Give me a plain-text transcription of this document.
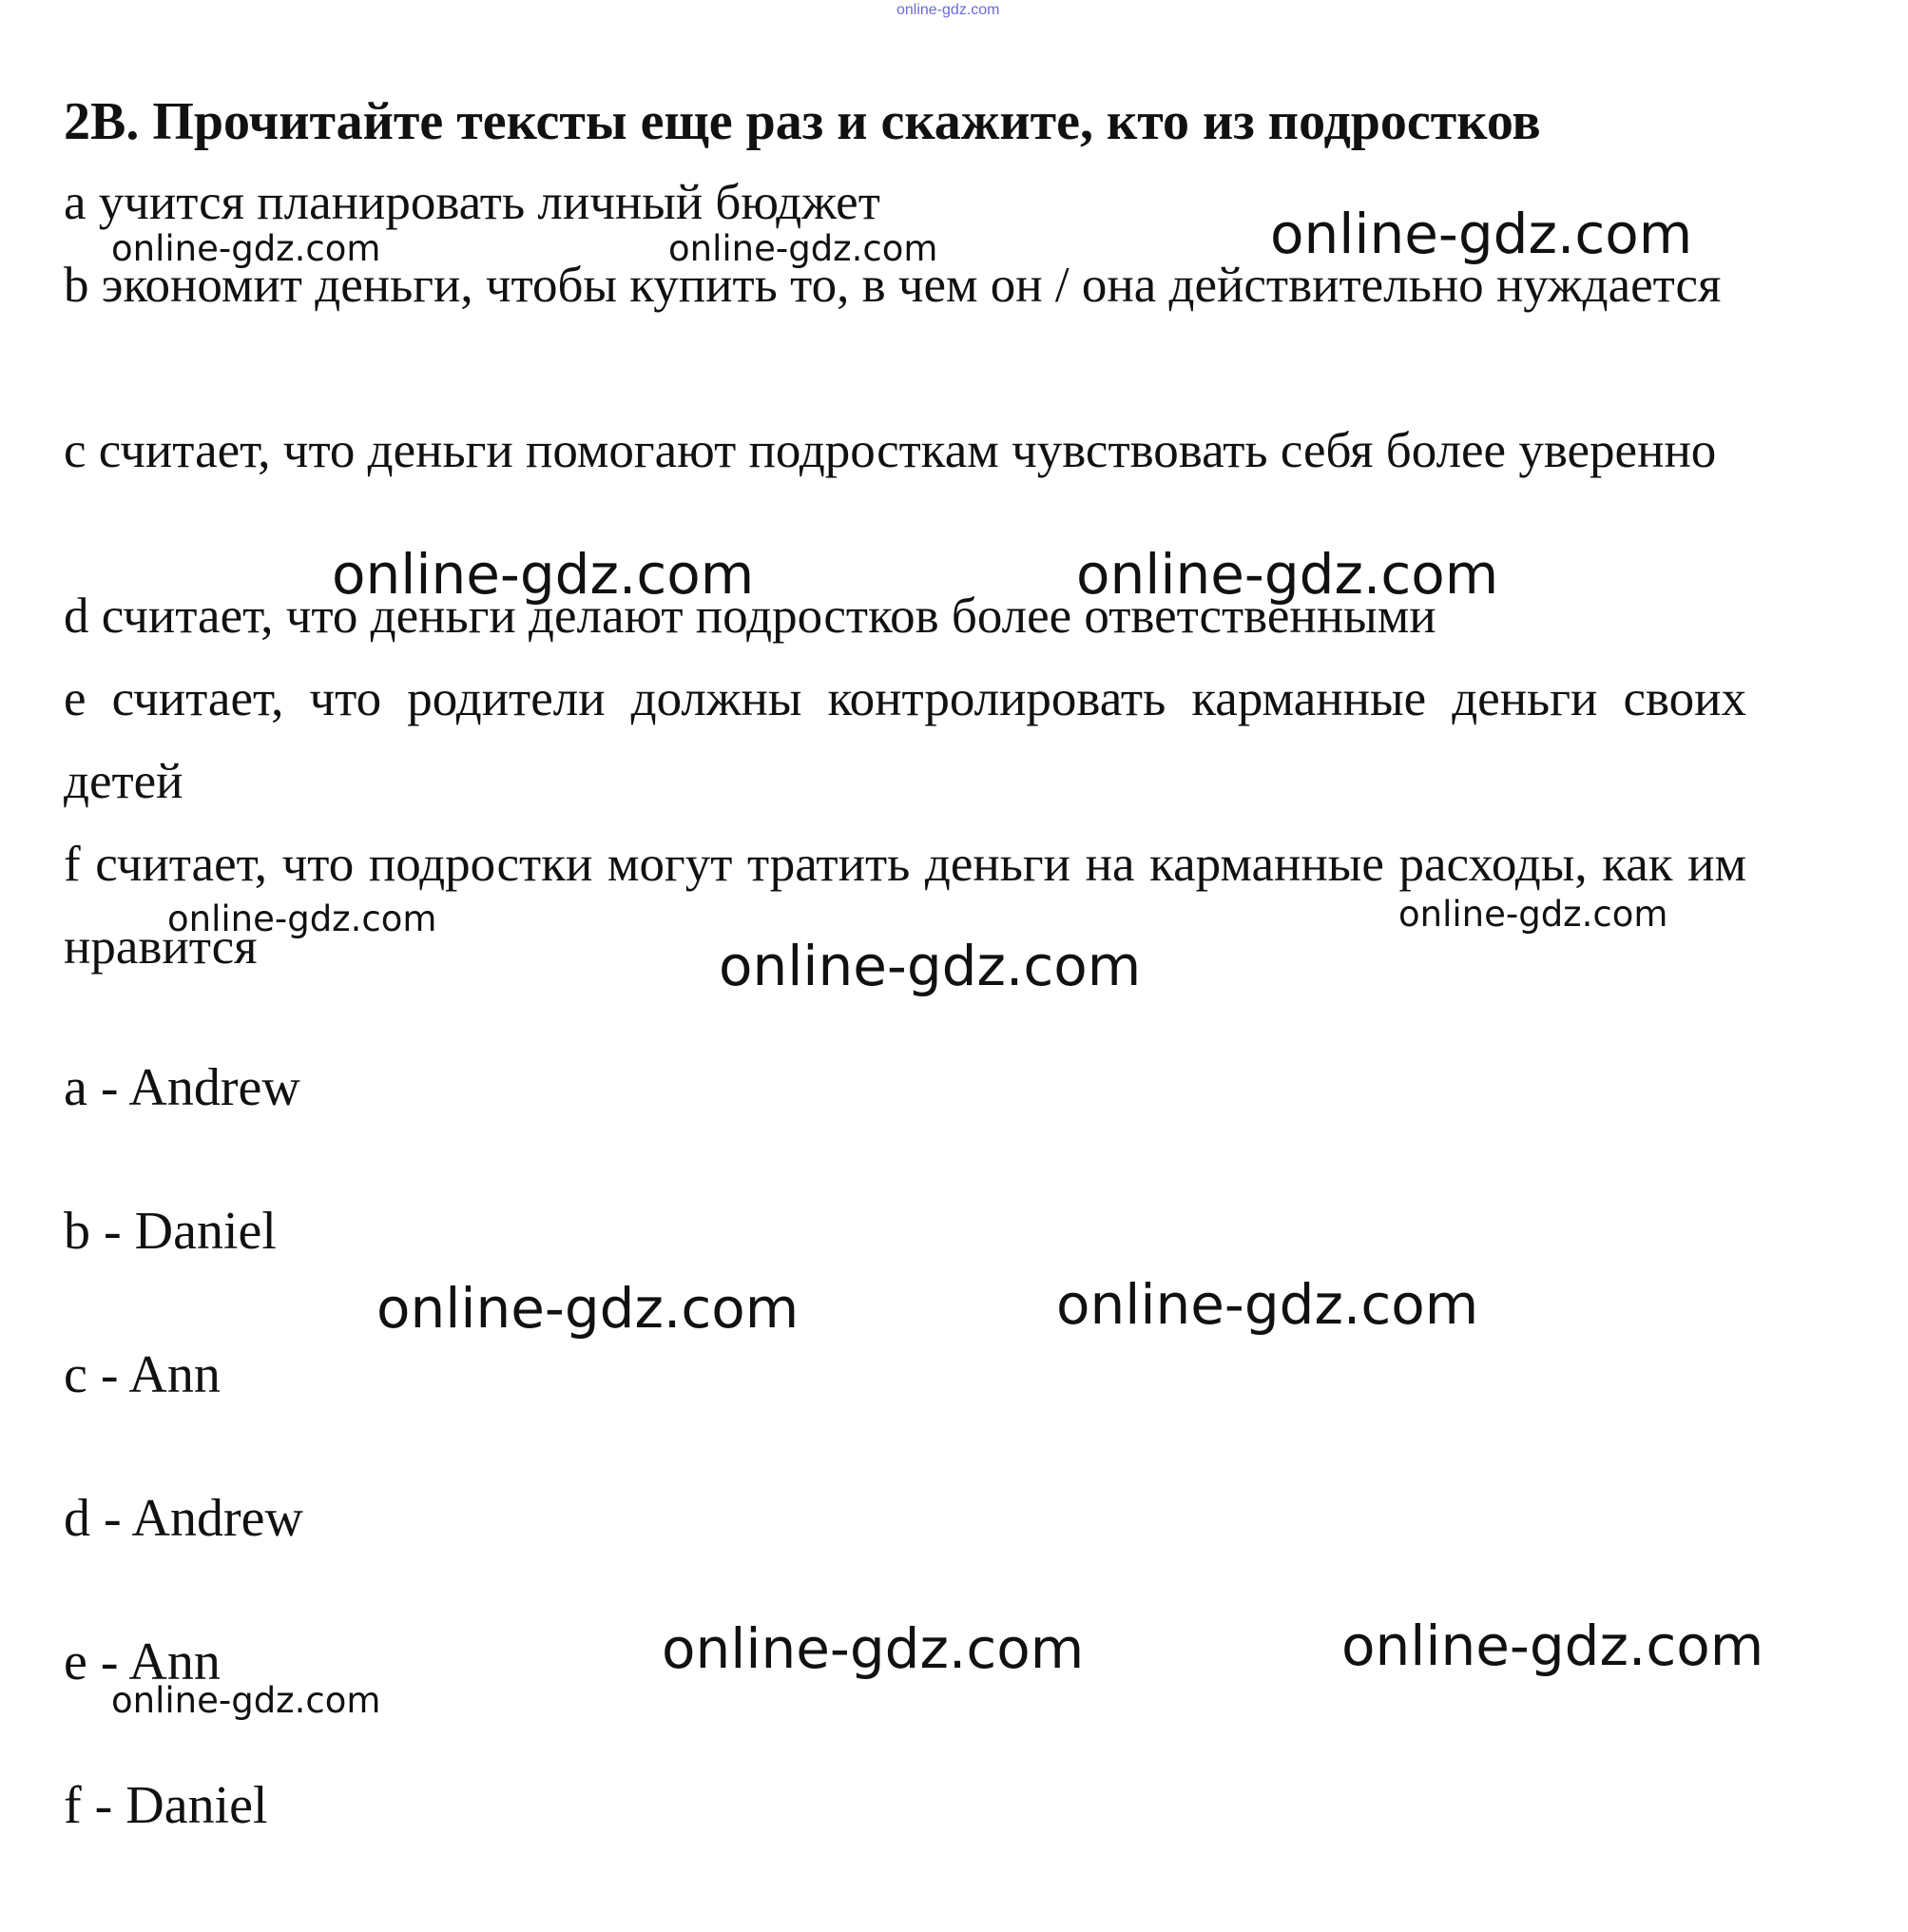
online-gdz.com
2B. Прочитайте тексты еще раз и скажите, кто из подростков
a учится планировать личный бюджет
b экономит деньги, чтобы купить то, в чем он / она действительно нуждается
c считает, что деньги помогают подросткам чувствовать себя более уверенно
d считает, что деньги делают подростков более ответственными
e считает, что родители должны контролировать карманные деньги своих детей
f считает, что подростки могут тратить деньги на карманные расходы, как им нравится
a - Andrew
b - Daniel
c - Ann
d - Andrew
e - Ann
f - Daniel
online-gdz.com	online-gdz.com	online-gdz.com
online-gdz.com	online-gdz.com
online-gdz.com	online-gdz.com
online-gdz.com
online-gdz.com	online-gdz.com
online-gdz.com	online-gdz.com
online-gdz.com
